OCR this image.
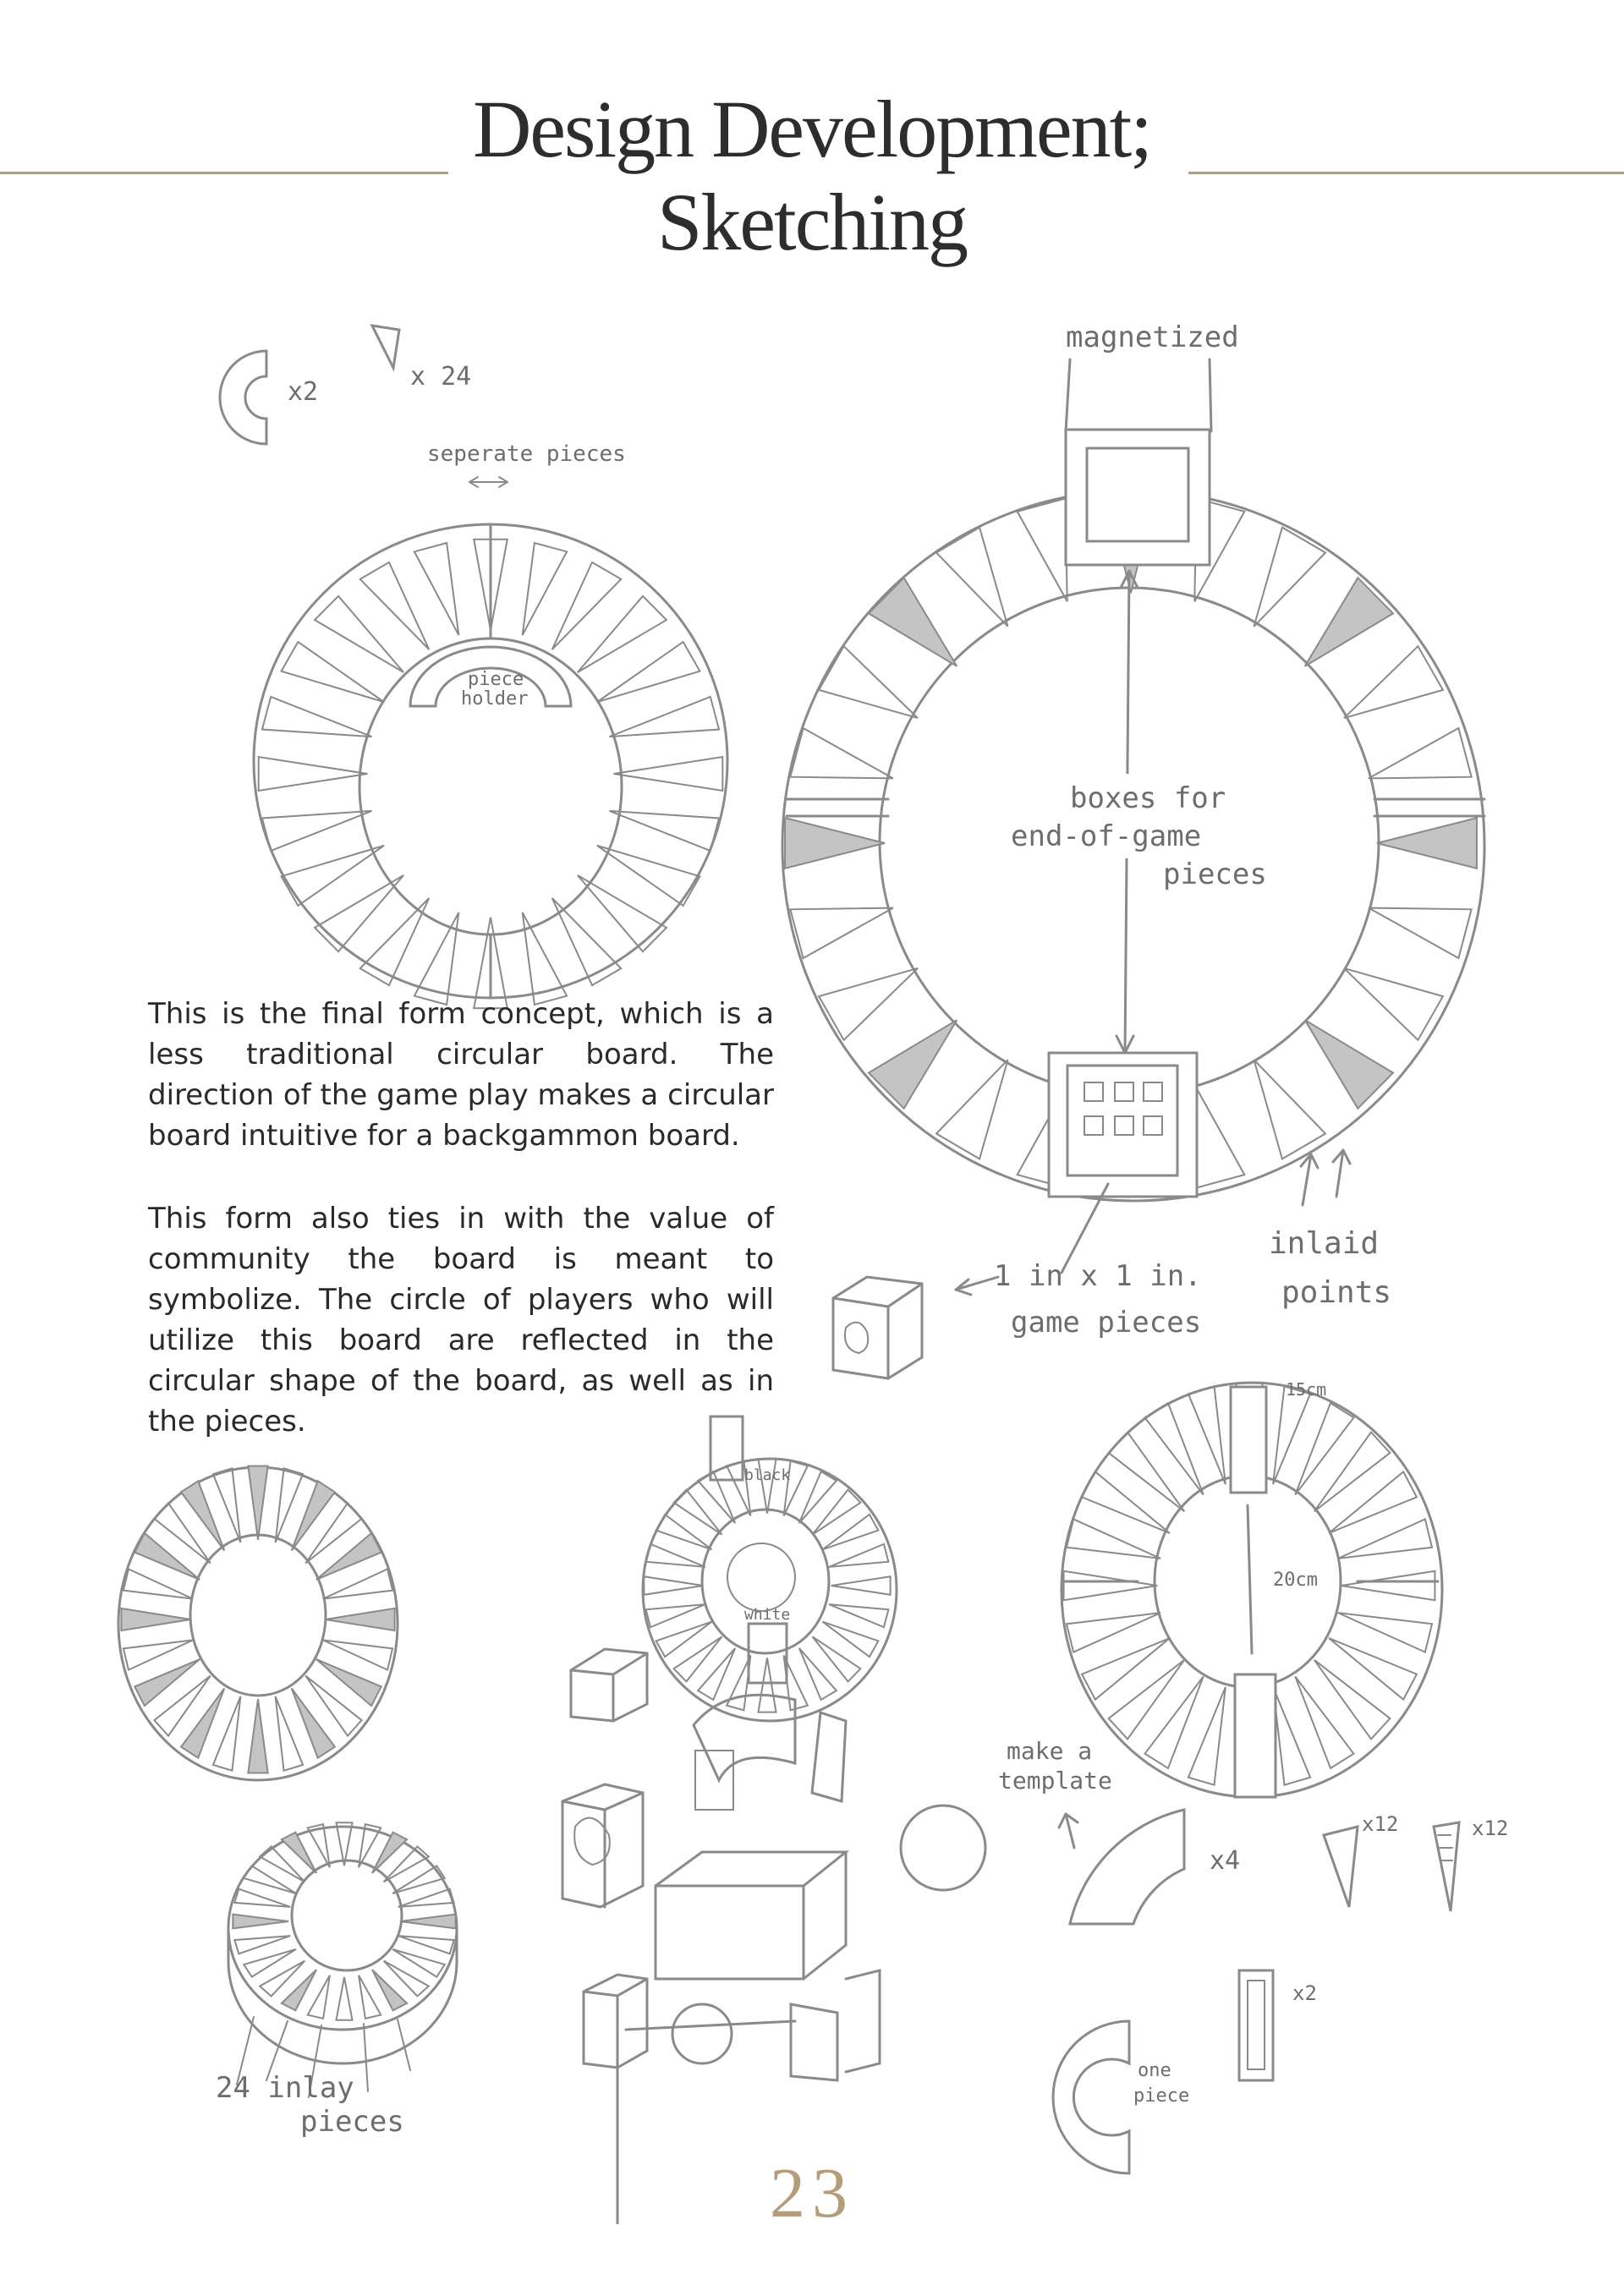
Design Development;
Sketching
x2
x 24
seperate pieces
piece
holder
magnetized
boxes for
end-of-game
pieces
1 in x 1 in.
game pieces
inlaid
points
24 inlay
pieces
black
white
15cm
20cm
make a
template
x4
x12	x12
x2
one
piece

This is the final form concept, which is a less traditional circular board. The direction of the game play makes a circular board intuitive for a backgammon board.

This form also ties in with the value of community the board is meant to symbolize. The circle of players who will utilize this board are reflected in the circular shape of the board, as well as in the pieces.

23
